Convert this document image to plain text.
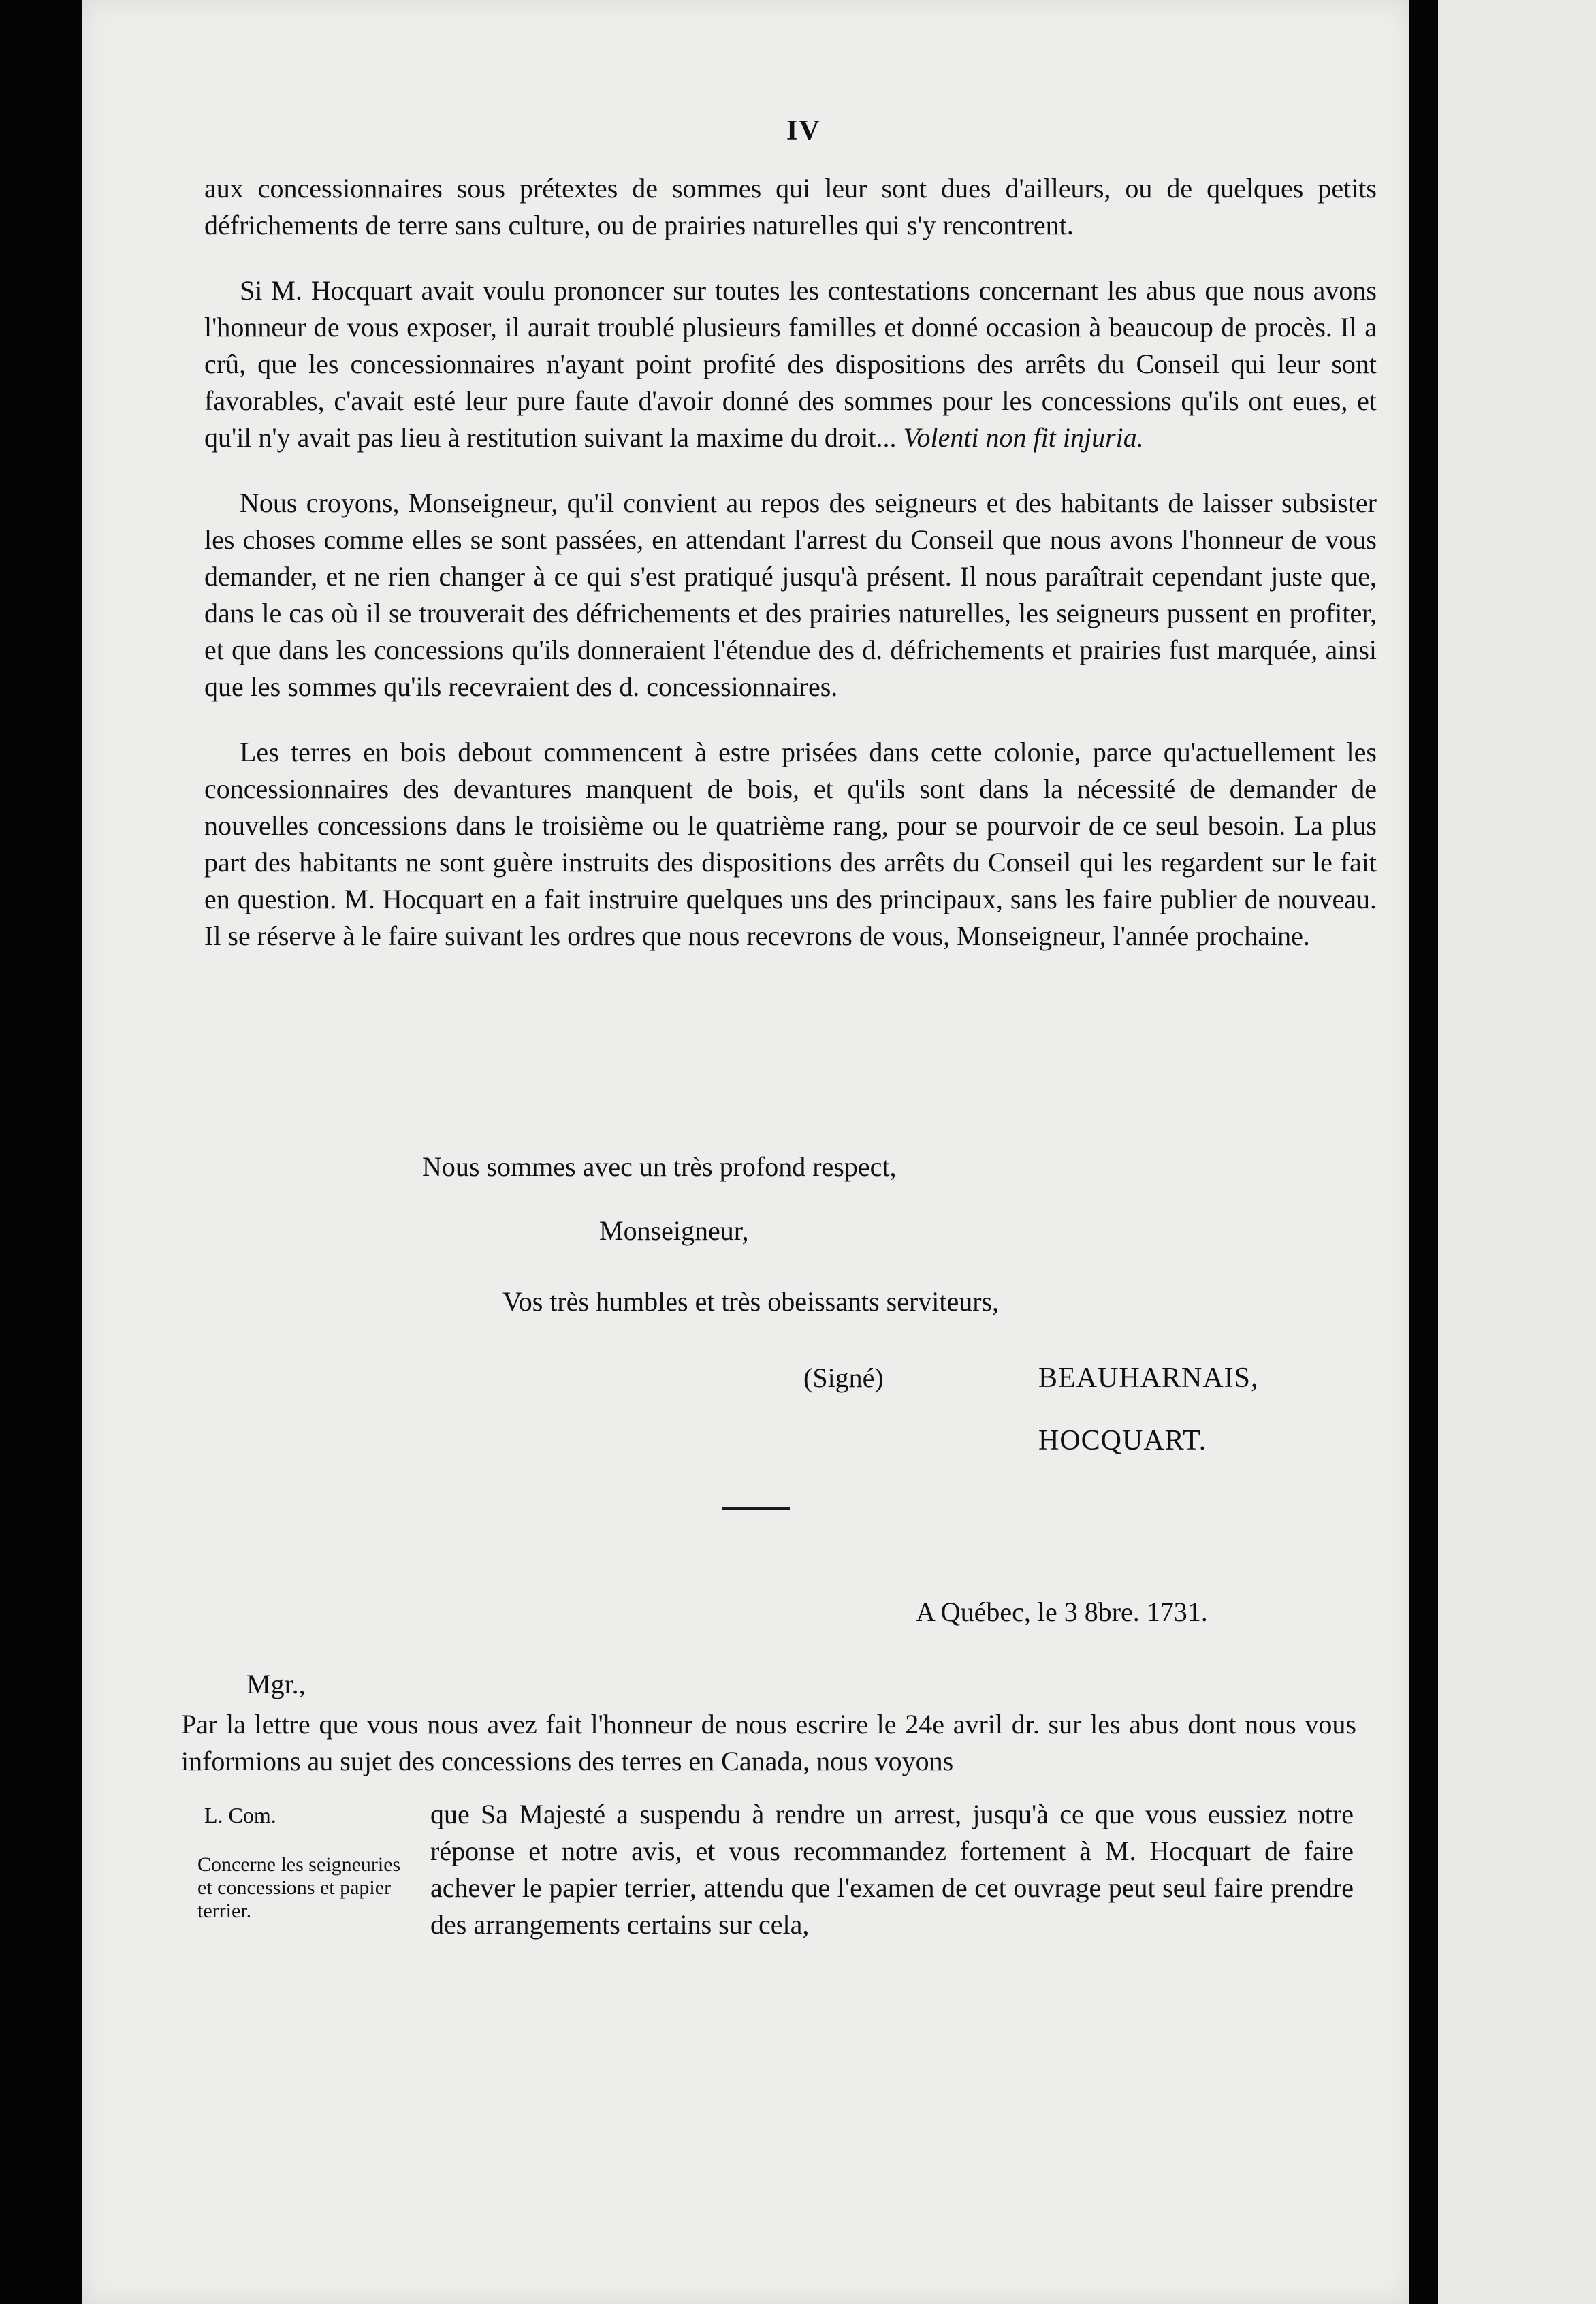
IV

aux concessionnaires sous prétextes de sommes qui leur sont dues d'ailleurs, ou de quelques petits défrichements de terre sans culture, ou de prairies naturelles qui s'y rencontrent.

Si M. Hocquart avait voulu prononcer sur toutes les contestations concernant les abus que nous avons l'honneur de vous exposer, il aurait troublé plusieurs familles et donné occasion à beaucoup de procès. Il a crû, que les concessionnaires n'ayant point profité des dispositions des arrêts du Conseil qui leur sont favorables, c'avait esté leur pure faute d'avoir donné des sommes pour les concessions qu'ils ont eues, et qu'il n'y avait pas lieu à restitution suivant la maxime du droit... Volenti non fit injuria.

Nous croyons, Monseigneur, qu'il convient au repos des seigneurs et des habitants de laisser subsister les choses comme elles se sont passées, en attendant l'arrest du Conseil que nous avons l'honneur de vous demander, et ne rien changer à ce qui s'est pratiqué jusqu'à présent. Il nous paraîtrait cependant juste que, dans le cas où il se trouverait des défrichements et des prairies naturelles, les seigneurs pussent en profiter, et que dans les concessions qu'ils donneraient l'étendue des d. défrichements et prairies fust marquée, ainsi que les sommes qu'ils recevraient des d. concessionnaires.

Les terres en bois debout commencent à estre prisées dans cette colonie, parce qu'actuellement les concessionnaires des devantures manquent de bois, et qu'ils sont dans la nécessité de demander de nouvelles concessions dans le troisième ou le quatrième rang, pour se pourvoir de ce seul besoin. La plus part des habitants ne sont guère instruits des dispositions des arrêts du Conseil qui les regardent sur le fait en question. M. Hocquart en a fait instruire quelques uns des principaux, sans les faire publier de nouveau. Il se réserve à le faire suivant les ordres que nous recevrons de vous, Monseigneur, l'année prochaine.

Nous sommes avec un très profond respect,
Monseigneur,
Vos très humbles et très obeissants serviteurs,
(Signé)	BEAUHARNAIS,
HOCQUART.
A Québec, le 3 8bre. 1731.
Mgr.,
Par la lettre que vous nous avez fait l'honneur de nous escrire le 24e avril dr. sur les abus dont nous vous informions au sujet des concessions des terres en Canada, nous voyons
que Sa Majesté a suspendu à rendre un arrest, jusqu'à ce que vous eussiez notre réponse et notre avis, et vous recommandez fortement à M. Hocquart de faire achever le papier terrier, attendu que l'examen de cet ouvrage peut seul faire prendre des arrangements certains sur cela,
L. Com.
Concerne les seigneuries et concessions et papier terrier.
